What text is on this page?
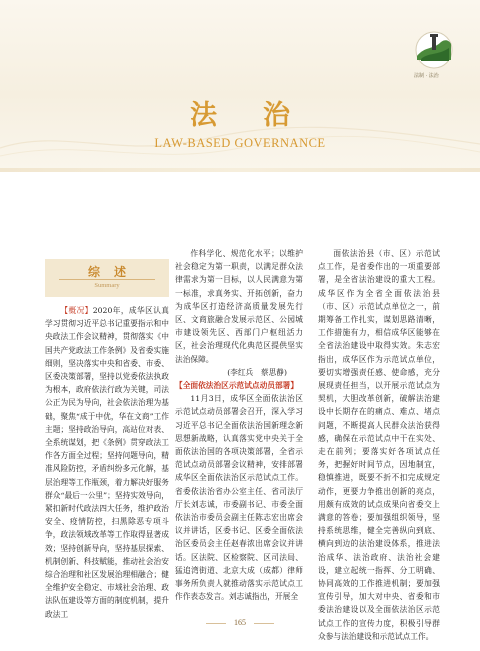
法制 · 法治
法治
LAW-BASED GOVERNANCE
综述
Summary

【概况】2020年，成华区认真学习贯彻习近平总书记重要指示和中央政法工作会议精神，贯彻落实《中国共产党政法工作条例》及省委实施细则，坚决落实中央和省委、市委、区委决策部署，坚持以党委依法执政为根本，政府依法行政为关键，司法公正为民为导向，社会依法治理为基础，聚焦“成于中优，华在文商”工作主题；坚持政治导向，高站位对表、全系统谋划，把《条例》贯穿政法工作各方面全过程；坚持问题导向，精准风险防控，矛盾纠纷多元化解，基层治理等工作瓶颈，着力解决好服务群众“最后一公里”；坚持实效导向，紧扣新时代政法四大任务，维护政治安全、疫情防控，扫黑除恶专项斗争，政法领域改革等工作取得显著成效；坚持创新导向，坚持基层探索、机制创新、科技赋能，推动社会治安综合治理和社区发展治理相融合；健全维护安全稳定、市域社会治理、政法队伍建设等方面的制度机制，提升政法工

作科学化、规范化水平；以维护社会稳定为第一职责，以满足群众法律需求为第一目标，以人民满意为第一标准，求真务实、开拓创新，奋力为成华区打造经济高质量发展先行区、文商旅融合发展示范区、公园城市建设领先区、西部门户枢纽活力区，社会治理现代化典范区提供坚实法治保障。

(李红兵　蔡思静)

【全面依法治区示范试点动员部署】

11月3日，成华区全面依法治区示范试点动员部署会召开，深入学习习近平总书记全面依法治国新理念新思想新战略，认真落实党中央关于全面依法治国的各项决策部署，全省示范试点动员部署会议精神，安排部署成华区全面依法治区示范试点工作。省委依法治省办公室主任、省司法厅厅长刘志诚，市委副书记、市委全面依法治市委员会副主任陈志宏出席会议并讲话，区委书记、区委全面依法治区委员会主任赵春浓出席会议并讲话。区法院、区检察院、区司法局、猛追湾街道、北京大成（成都）律师事务所负责人就推动落实示范试点工作作表态发言。刘志诚指出，开展全

面依法治县（市、区）示范试点工作，是省委作出的一项重要部署，是全省法治建设的重大工程。成华区作为全省全面依法治县（市、区）示范试点单位之一，前期筹备工作扎实，谋划思路清晰，工作措施有力，相信成华区能够在全省法治建设中取得实效。朱志宏指出，成华区作为示范试点单位，要切实增强责任感、使命感，充分展现责任担当，以开展示范试点为契机，大胆改革创新，破解法治建设中长期存在的痛点、难点、堵点问题，不断提高人民群众法治获得感，确保在示范试点中干在实处、走在前列；要落实好各项试点任务，把握好时间节点，因地制宜，稳慎推进，既要不折不扣完成规定动作，更要力争推出创新的亮点，用颇有成效的试点成果向省委交上满意的答卷；要加强组织领导，坚持系统思维，健全完善纵向到底、横向到边的法治建设体系，推进法治成华、法治政府、法治社会建设，建立起统一指挥、分工明确、协同高效的工作推进机制；要加强宣传引导，加大对中央、省委和市委法治建设以及全面依法治区示范试点工作的宣传力度，积极引导群众参与法治建设和示范试点工作。

165
